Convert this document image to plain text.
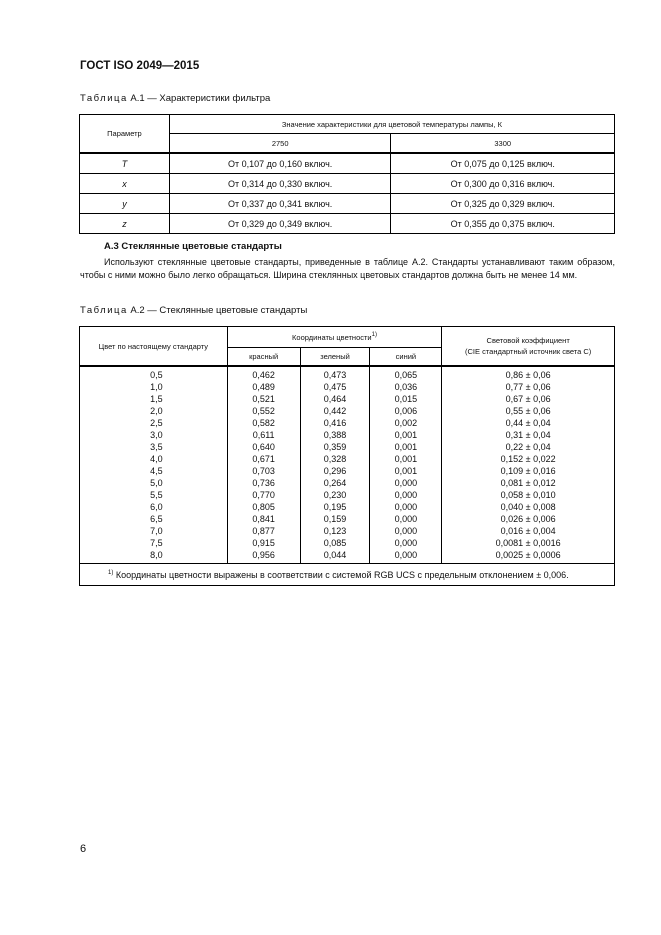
ГОСТ ISO 2049—2015

Таблица А.1 — Характеристики фильтра

Параметр	Значение характеристики для цветовой температуры лампы, К	
	2750	3300
T	От 0,107 до 0,160 включ.	От 0,075 до 0,125 включ.
x	От 0,314 до 0,330 включ.	От 0,300 до 0,316 включ.
y	От 0,337 до 0,341 включ.	От 0,325 до 0,329 включ.
z	От 0,329 до 0,349 включ.	От 0,355 до 0,375 включ.
А.3 Стеклянные цветовые стандарты

Используют стеклянные цветовые стандарты, приведенные в таблице А.2. Стандарты устанавливают таким образом, чтобы с ними можно было легко обращаться. Ширина стеклянных цветовых стандартов должна быть не менее 14 мм.

Таблица А.2 — Стеклянные цветовые стандарты

Цвет по настоящему стандарту	Координаты цветности$^{1)}$			Световой коэффициент
(CIE стандартный источник света С)
	красный	зеленый	синий	
0,5	0,462	0,473	0,065	0,86 ± 0,06
1,0	0,489	0,475	0,036	0,77 ± 0,06
1,5	0,521	0,464	0,015	0,67 ± 0,06
2,0	0,552	0,442	0,006	0,55 ± 0,06
2,5	0,582	0,416	0,002	0,44 ± 0,04
3,0	0,611	0,388	0,001	0,31 ± 0,04
3,5	0,640	0,359	0,001	0,22 ± 0,04
4,0	0,671	0,328	0,001	0,152 ± 0,022
4,5	0,703	0,296	0,001	0,109 ± 0,016
5,0	0,736	0,264	0,000	0,081 ± 0,012
5,5	0,770	0,230	0,000	0,058 ± 0,010
6,0	0,805	0,195	0,000	0,040 ± 0,008
6,5	0,841	0,159	0,000	0,026 ± 0,006
7,0	0,877	0,123	0,000	0,016 ± 0,004
7,5	0,915	0,085	0,000	0,0081 ± 0,0016
8,0	0,956	0,044	0,000	0,0025 ± 0,0006
$^{1)}$ Координаты цветности выражены в соответствии с системой RGB UCS с предельным отклонением ± 0,006.				

6
